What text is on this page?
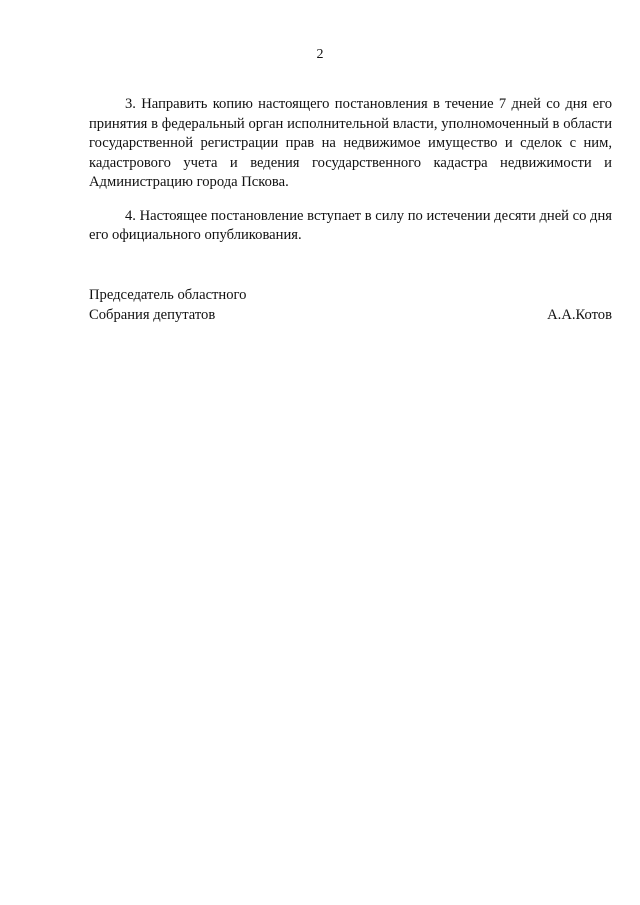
2

3. Направить копию настоящего постановления в течение 7 дней со дня его принятия в федеральный орган исполнительной власти, уполномоченный в области государственной регистрации прав на недвижимое имущество и сделок с ним, кадастрового учета и ведения государственного кадастра недвижимости и Администрацию города Пскова.

4. Настоящее постановление вступает в силу по истечении десяти дней со дня его официального опубликования.

Председатель областного
Собрания депутатов	А.А.Котов
